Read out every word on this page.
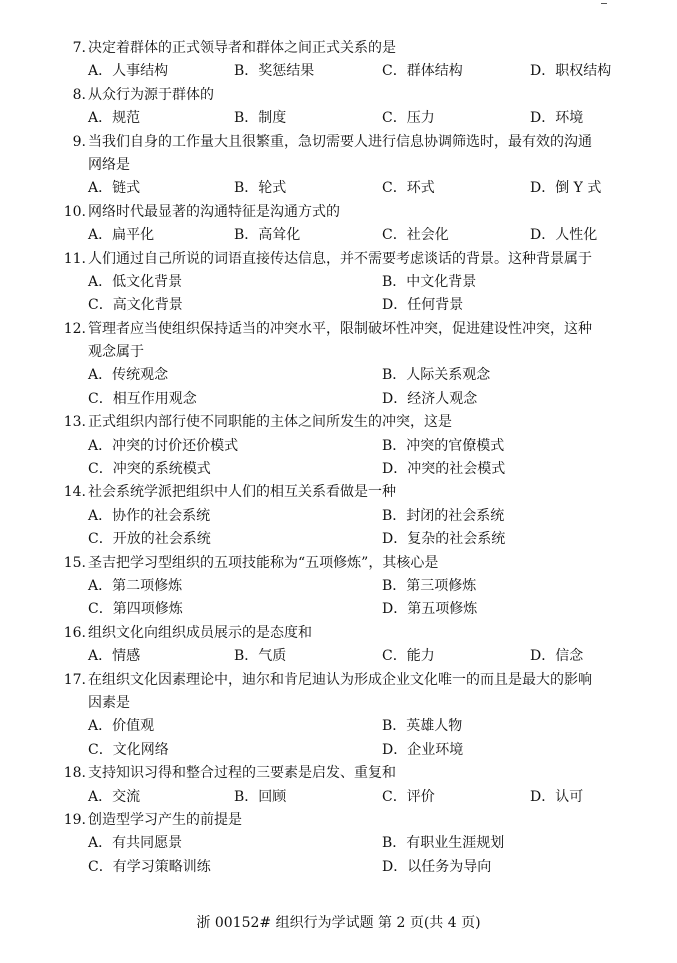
7. 决定着群体的正式领导者和群体之间正式关系的是
A．人事结构	B．奖惩结果	C．群体结构	D．职权结构
8. 从众行为源于群体的
A．规范	B．制度	C．压力	D．环境
9. 当我们自身的工作量大且很繁重，急切需要人进行信息协调筛选时，最有效的沟通
网络是
A．链式	B．轮式	C．环式	D．倒 Y 式
10. 网络时代最显著的沟通特征是沟通方式的
A．扁平化	B．高耸化	C．社会化	D．人性化
11. 人们通过自己所说的词语直接传达信息，并不需要考虑谈话的背景。这种背景属于
A．低文化背景	B．中文化背景
C．高文化背景	D．任何背景
12. 管理者应当使组织保持适当的冲突水平，限制破坏性冲突，促进建设性冲突，这种
观念属于
A．传统观念	B．人际关系观念
C．相互作用观念	D．经济人观念
13. 正式组织内部行使不同职能的主体之间所发生的冲突，这是
A．冲突的讨价还价模式	B．冲突的官僚模式
C．冲突的系统模式	D．冲突的社会模式
14. 社会系统学派把组织中人们的相互关系看做是一种
A．协作的社会系统	B．封闭的社会系统
C．开放的社会系统	D．复杂的社会系统
15. 圣吉把学习型组织的五项技能称为“五项修炼”，其核心是
A．第二项修炼	B．第三项修炼
C．第四项修炼	D．第五项修炼
16. 组织文化向组织成员展示的是态度和
A．情感	B．气质	C．能力	D．信念
17. 在组织文化因素理论中，迪尔和肯尼迪认为形成企业文化唯一的而且是最大的影响
因素是
A．价值观	B．英雄人物
C．文化网络	D．企业环境
18. 支持知识习得和整合过程的三要素是启发、重复和
A．交流	B．回顾	C．评价	D．认可
19. 创造型学习产生的前提是
A．有共同愿景	B．有职业生涯规划
C．有学习策略训练	D．以任务为导向
浙 00152# 组织行为学试题 第 2 页(共 4 页)
